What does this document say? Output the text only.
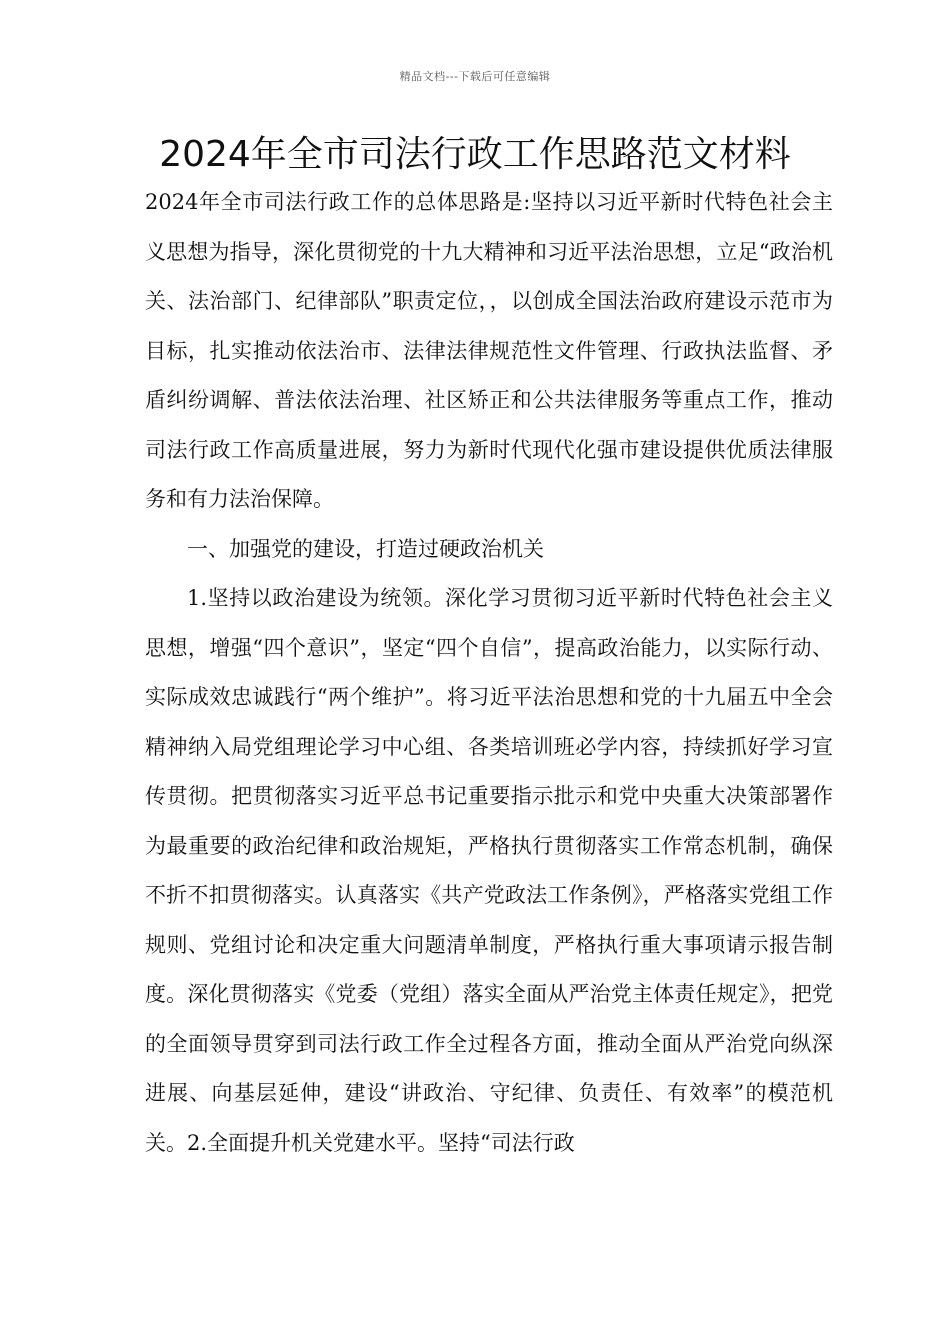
精品文档---下载后可任意编辑
2024年全市司法行政工作思路范文材料

2024年全市司法行政工作的总体思路是:坚持以习近平新时代特色社会主义思想为指导，深化贯彻党的十九大精神和习近平法治思想，立足“政治机关、法治部门、纪律部队”职责定位，，以创成全国法治政府建设示范市为目标，扎实推动依法治市、法律法律规范性文件管理、行政执法监督、矛盾纠纷调解、普法依法治理、社区矫正和公共法律服务等重点工作，推动司法行政工作高质量进展，努力为新时代现代化强市建设提供优质法律服务和有力法治保障。

一、加强党的建设，打造过硬政治机关

1.坚持以政治建设为统领。深化学习贯彻习近平新时代特色社会主义思想，增强“四个意识”，坚定“四个自信”，提高政治能力，以实际行动、实际成效忠诚践行“两个维护”。将习近平法治思想和党的十九届五中全会精神纳入局党组理论学习中心组、各类培训班必学内容，持续抓好学习宣传贯彻。把贯彻落实习近平总书记重要指示批示和党中央重大决策部署作为最重要的政治纪律和政治规矩，严格执行贯彻落实工作常态机制，确保不折不扣贯彻落实。认真落实《共产党政法工作条例》，严格落实党组工作规则、党组讨论和决定重大问题清单制度，严格执行重大事项请示报告制度。深化贯彻落实《党委（党组）落实全面从严治党主体责任规定》，把党的全面领导贯穿到司法行政工作全过程各方面，推动全面从严治党向纵深进展、向基层延伸，建设“讲政治、守纪律、负责任、有效率”的模范机关。2.全面提升机关党建水平。坚持“司法行政
